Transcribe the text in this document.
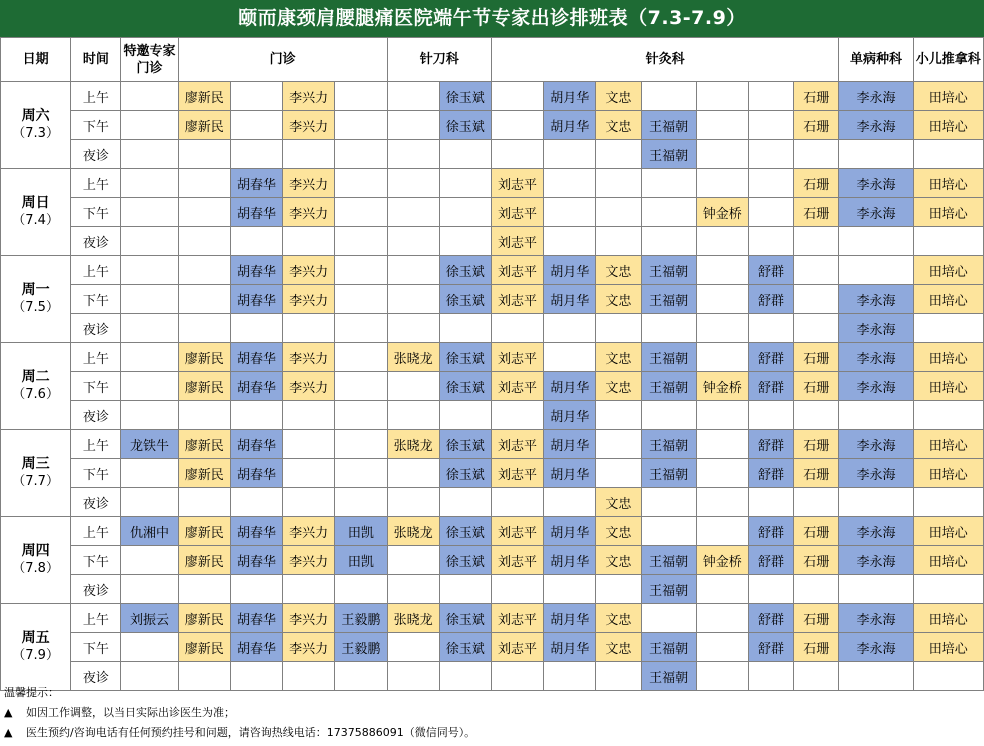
颐而康颈肩腰腿痛医院端午节专家出诊排班表（7.3-7.9）
日期	时间	特邀专家门诊	门诊				针刀科		针灸科							单病种科	小儿推拿科

周六
（7.3）	上午		廖新民		李兴力			徐玉斌		胡月华	文忠				石珊	李永海	田培心
	下午		廖新民		李兴力			徐玉斌		胡月华	文忠	王福朝			石珊	李永海	田培心
	夜诊											王福朝					

周日
（7.4）	上午			胡春华	李兴力				刘志平						石珊	李永海	田培心
	下午			胡春华	李兴力				刘志平				钟金桥		石珊	李永海	田培心
	夜诊								刘志平								

周一
（7.5）	上午			胡春华	李兴力			徐玉斌	刘志平	胡月华	文忠	王福朝		舒群			田培心
	下午			胡春华	李兴力			徐玉斌	刘志平	胡月华	文忠	王福朝		舒群		李永海	田培心
	夜诊															李永海	

周二
（7.6）	上午		廖新民	胡春华	李兴力		张晓龙	徐玉斌	刘志平		文忠	王福朝		舒群	石珊	李永海	田培心
	下午		廖新民	胡春华	李兴力			徐玉斌	刘志平	胡月华	文忠	王福朝	钟金桥	舒群	石珊	李永海	田培心
	夜诊									胡月华							

周三
（7.7）	上午	龙铁牛	廖新民	胡春华			张晓龙	徐玉斌	刘志平	胡月华		王福朝		舒群	石珊	李永海	田培心
	下午		廖新民	胡春华				徐玉斌	刘志平	胡月华		王福朝		舒群	石珊	李永海	田培心
	夜诊										文忠						

周四
（7.8）	上午	仇湘中	廖新民	胡春华	李兴力	田凯	张晓龙	徐玉斌	刘志平	胡月华	文忠			舒群	石珊	李永海	田培心
	下午		廖新民	胡春华	李兴力	田凯		徐玉斌	刘志平	胡月华	文忠	王福朝	钟金桥	舒群	石珊	李永海	田培心
	夜诊											王福朝					

周五
（7.9）	上午	刘振云	廖新民	胡春华	李兴力	王毅鹏	张晓龙	徐玉斌	刘志平	胡月华	文忠			舒群	石珊	李永海	田培心
	下午		廖新民	胡春华	李兴力	王毅鹏		徐玉斌	刘志平	胡月华	文忠	王福朝		舒群	石珊	李永海	田培心
	夜诊											王福朝					
温馨提示：
▲ 如因工作调整，以当日实际出诊医生为准；
▲ 医生预约/咨询电话有任何预约挂号和问题，请咨询热线电话：17375886091（微信同号）。
